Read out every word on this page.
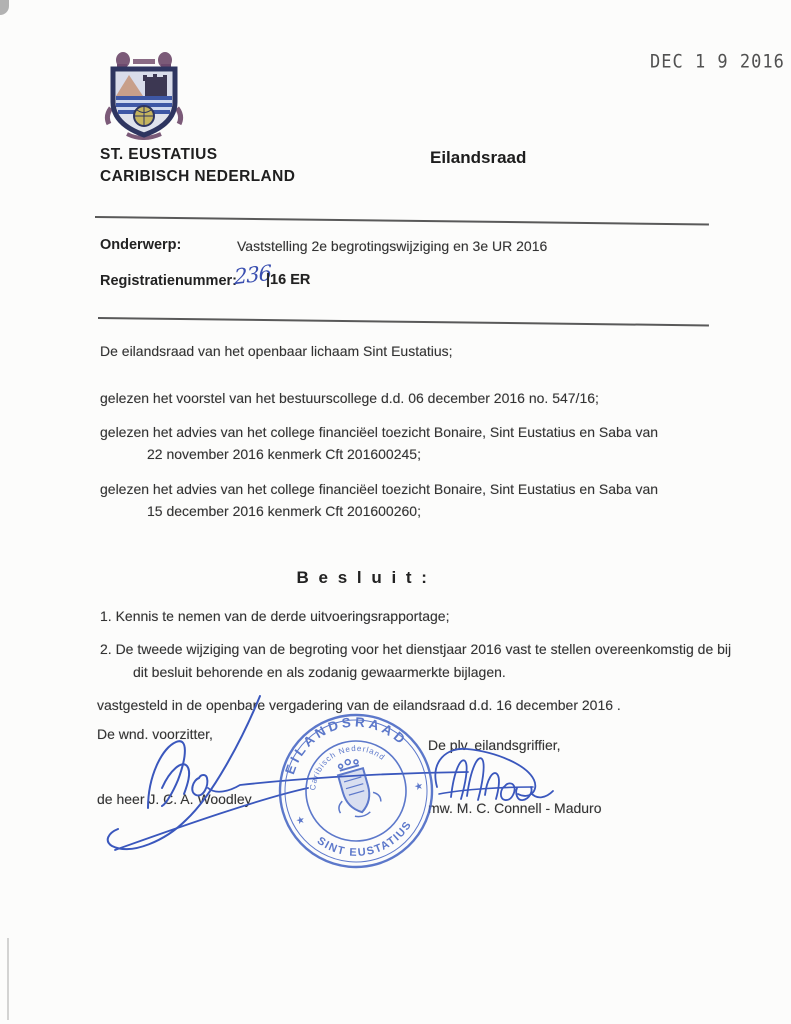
DEC 1 9 2016
ST. EUSTATIUS
CARIBISCH NEDERLAND
Eilandsraad
Onderwerp:	Vaststelling 2e begrotingswijziging en 3e UR 2016
Registratienummer:
236
|16 ER
De eilandsraad van het openbaar lichaam Sint Eustatius;
gelezen het voorstel van het bestuurscollege d.d. 06 december 2016 no. 547/16;
gelezen het advies van het college financiëel toezicht Bonaire, Sint Eustatius en Saba van
22 november 2016 kenmerk Cft 201600245;
gelezen het advies van het college financiëel toezicht Bonaire, Sint Eustatius en Saba van
15 december 2016 kenmerk Cft 201600260;
B e s l u i t :
1. Kennis te nemen van de derde uitvoeringsrapportage;
2. De tweede wijziging van de begroting voor het dienstjaar 2016 vast te stellen overeenkomstig de bij
dit besluit behorende en als zodanig gewaarmerkte bijlagen.
vastgesteld in de openbare vergadering van de eilandsraad d.d. 16 december 2016 .
De wnd. voorzitter,
De plv. eilandsgriffier,
de heer J. C. A. Woodley
mw. M. C. Connell - Maduro
EILANDSRAAD
SINT EUSTATIUS
Caribisch Nederland
★
★
